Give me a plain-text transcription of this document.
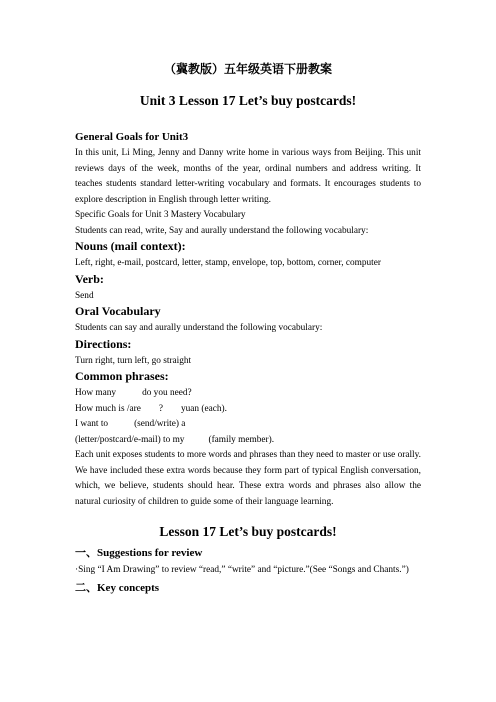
（冀教版）五年级英语下册教案
Unit 3 Lesson 17 Let’s buy postcards!
General Goals for Unit3

In this unit, Li Ming, Jenny and Danny write home in various ways from Beijing. This unit reviews days of the week, months of the year, ordinal numbers and address writing. It teaches students standard letter-writing vocabulary and formats. It encourages students to explore description in English through letter writing.

Specific Goals for Unit 3 Mastery Vocabulary

Students can read, write, Say and aurally understand the following vocabulary:

Nouns (mail context):

Left, right, e-mail, postcard, letter, stamp, envelope, top, bottom, corner, computer

Verb:

Send

Oral Vocabulary

Students can say and aurally understand the following vocabulary:

Directions:

Turn right, turn left, go straight

Common phrases:

How many	do you need?

How much is /are ? yuan (each).

I want to	(send/write) a

(letter/postcard/e-mail) to my	(family member).

Each unit exposes students to more words and phrases than they need to master or use orally. We have included these extra words because they form part of typical English conversation, which, we believe, students should hear. These extra words and phrases also allow the natural curiosity of children to guide some of their language learning.

Lesson 17 Let’s buy postcards!
一、Suggestions for review

·Sing “I Am Drawing” to review “read,” “write” and “picture.”(See “Songs and Chants.”)

二、Key concepts
